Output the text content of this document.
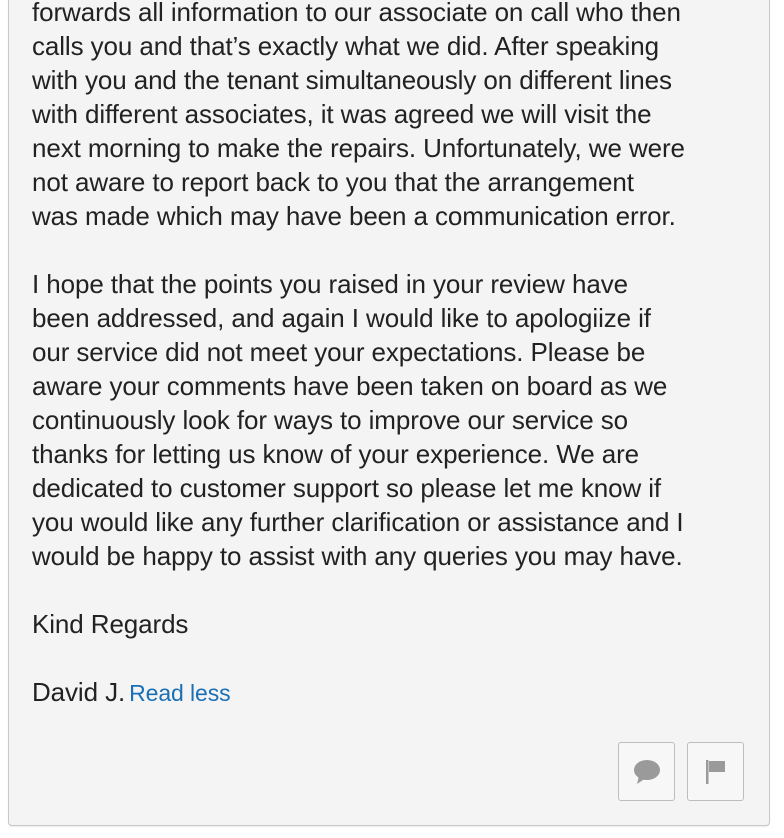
forwards all information to our associate on call who then
calls you and that’s exactly what we did. After speaking
with you and the tenant simultaneously on different lines
with different associates, it was agreed we will visit the
next morning to make the repairs. Unfortunately, we were
not aware to report back to you that the arrangement
was made which may have been a communication error.

I hope that the points you raised in your review have
been addressed, and again I would like to apologiize if
our service did not meet your expectations. Please be
aware your comments have been taken on board as we
continuously look for ways to improve our service so
thanks for letting us know of your experience. We are
dedicated to customer support so please let me know if
you would like any further clarification or assistance and I
would be happy to assist with any queries you may have.

Kind Regards

David J. Read less
